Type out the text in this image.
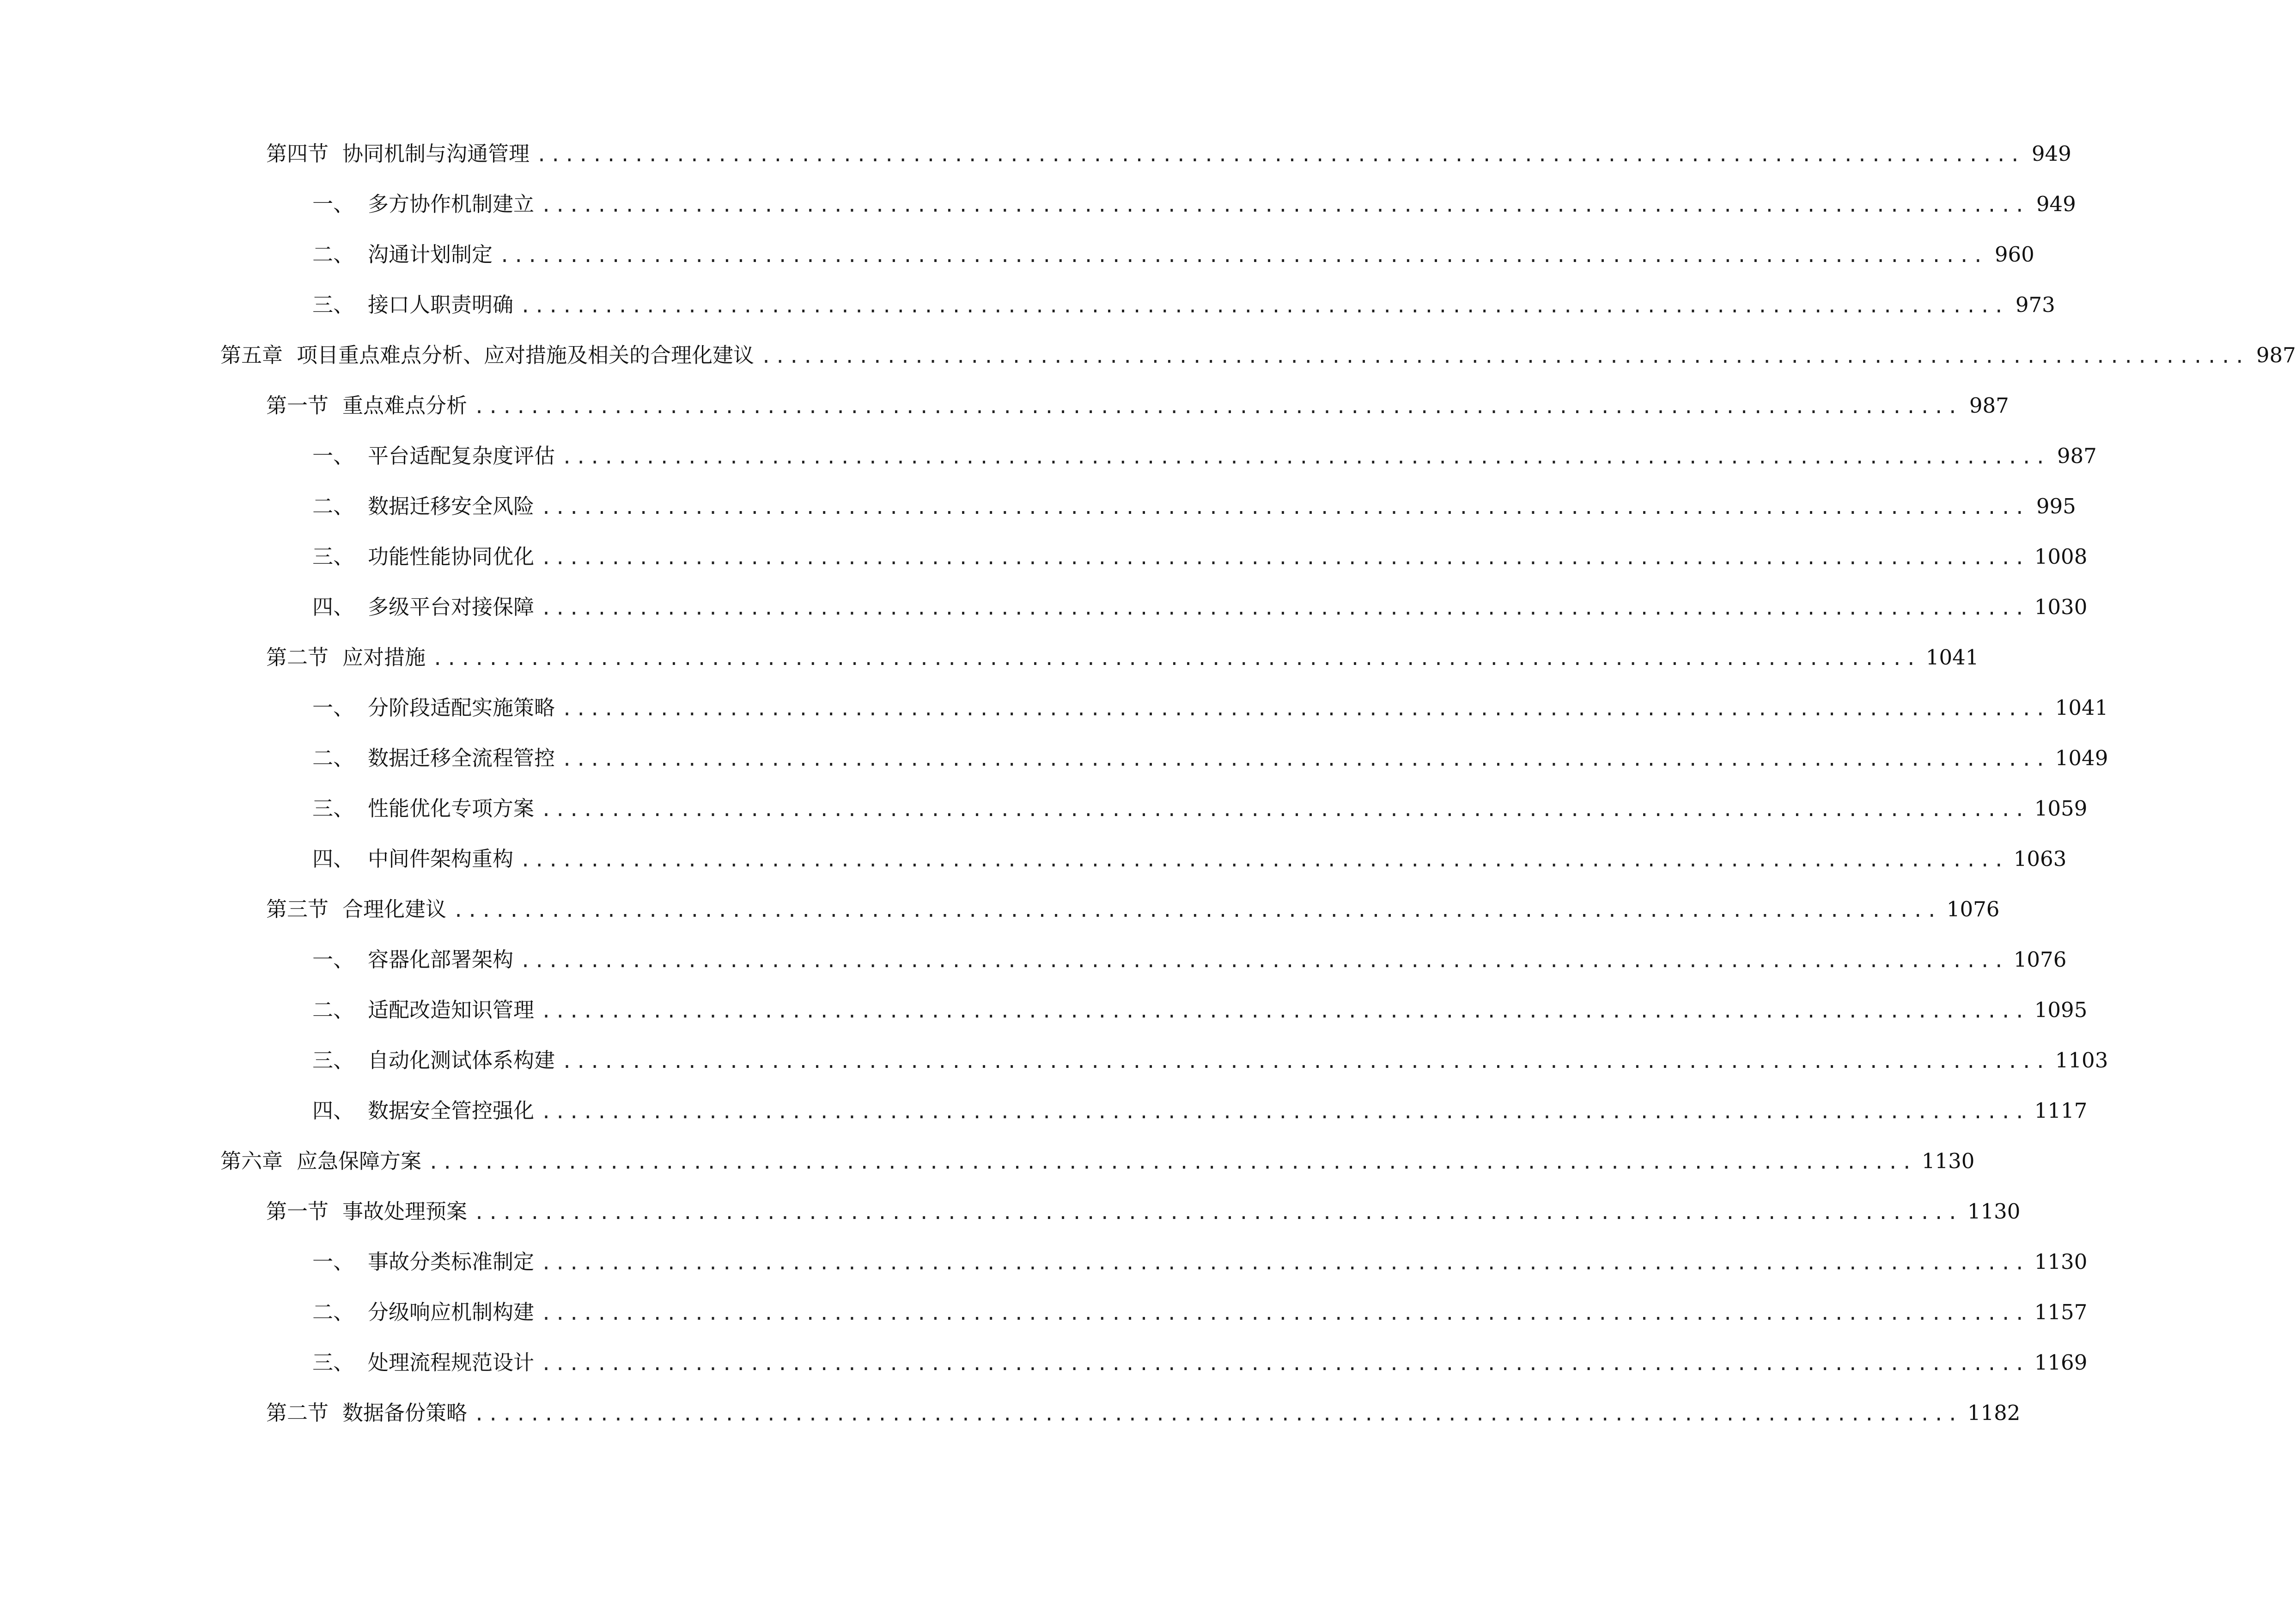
第四节 协同机制与沟通管理 ........................................................................................................... 949
一、 多方协作机制建立 ........................................................................................................... 949
二、 沟通计划制定 ........................................................................................................... 960
三、 接口人职责明确 ........................................................................................................... 973
第五章 项目重点难点分析、应对措施及相关的合理化建议 ........................................................................................................... 987
第一节 重点难点分析 ........................................................................................................... 987
一、 平台适配复杂度评估 ........................................................................................................... 987
二、 数据迁移安全风险 ........................................................................................................... 995
三、 功能性能协同优化 ........................................................................................................... 1008
四、 多级平台对接保障 ........................................................................................................... 1030
第二节 应对措施 ........................................................................................................... 1041
一、 分阶段适配实施策略 ........................................................................................................... 1041
二、 数据迁移全流程管控 ........................................................................................................... 1049
三、 性能优化专项方案 ........................................................................................................... 1059
四、 中间件架构重构 ........................................................................................................... 1063
第三节 合理化建议 ........................................................................................................... 1076
一、 容器化部署架构 ........................................................................................................... 1076
二、 适配改造知识管理 ........................................................................................................... 1095
三、 自动化测试体系构建 ........................................................................................................... 1103
四、 数据安全管控强化 ........................................................................................................... 1117
第六章 应急保障方案 ........................................................................................................... 1130
第一节 事故处理预案 ........................................................................................................... 1130
一、 事故分类标准制定 ........................................................................................................... 1130
二、 分级响应机制构建 ........................................................................................................... 1157
三、 处理流程规范设计 ........................................................................................................... 1169
第二节 数据备份策略 ........................................................................................................... 1182
